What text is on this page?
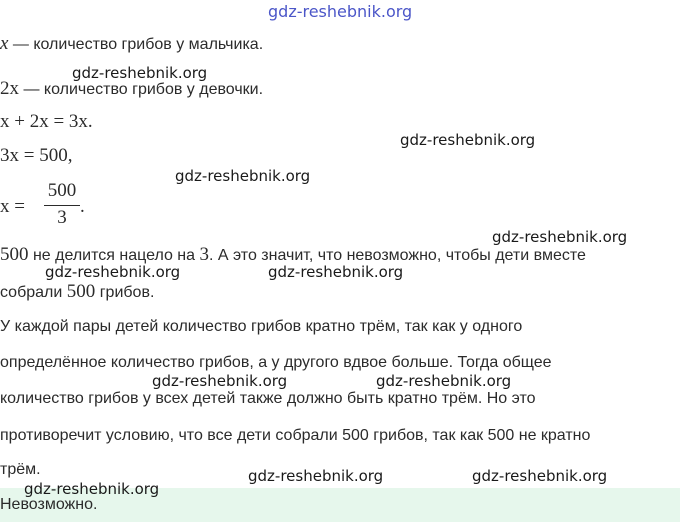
x — количество грибов у мальчика.
2x — количество грибов у девочки.
x + 2x = 3x.
3x = 500,
x =
500
3
.
500 не делится нацело на 3. А это значит, что невозможно, чтобы дети вместе
собрали 500 грибов.
У каждой пары детей количество грибов кратно трём, так как у одного
определённое количество грибов, а у другого вдвое больше. Тогда общее
количество грибов у всех детей также должно быть кратно трём. Но это
противоречит условию, что все дети собрали 500 грибов, так как 500 не кратно
трём.
Невозможно.
gdz-reshebnik.org
gdz-reshebnik.org
gdz-reshebnik.org
gdz-reshebnik.org
gdz-reshebnik.org
gdz-reshebnik.org	gdz-reshebnik.org
gdz-reshebnik.org	gdz-reshebnik.org
gdz-reshebnik.org	gdz-reshebnik.org
gdz-reshebnik.org
